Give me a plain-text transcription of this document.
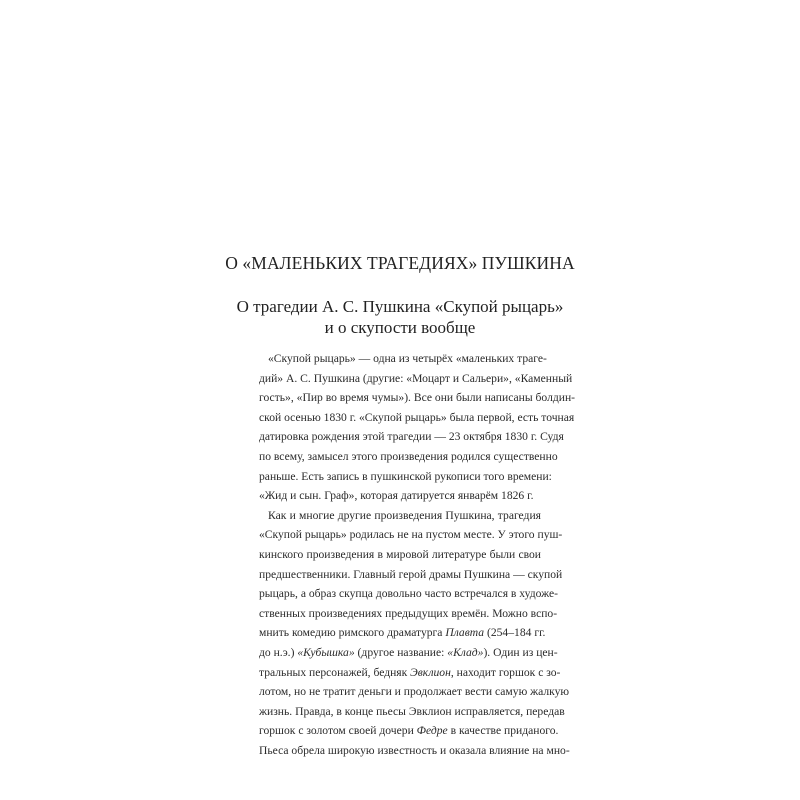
О «МАЛЕНЬКИХ ТРАГЕДИЯХ» ПУШКИНА
О трагедии А. С. Пушкина «Скупой рыцарь»
и о скупости вообще
«Скупой рыцарь» — одна из четырёх «маленьких траге-
дий» А. С. Пушкина (другие: «Моцарт и Сальери», «Каменный
гость», «Пир во время чумы»). Все они были написаны болдин-
ской осенью 1830 г. «Скупой рыцарь» была первой, есть точная
датировка рождения этой трагедии — 23 октября 1830 г. Судя
по всему, замысел этого произведения родился существенно
раньше. Есть запись в пушкинской рукописи того времени:
«Жид и сын. Граф», которая датируется январём 1826 г.
Как и многие другие произведения Пушкина, трагедия
«Скупой рыцарь» родилась не на пустом месте. У этого пуш-
кинского произведения в мировой литературе были свои
предшественники. Главный герой драмы Пушкина — скупой
рыцарь, а образ скупца довольно часто встречался в художе-
ственных произведениях предыдущих времён. Можно вспо-
мнить комедию римского драматурга Плавта (254–184 гг.
до н.э.) «Кубышка» (другое название: «Клад»). Один из цен-
тральных персонажей, бедняк Эвклион, находит горшок с зо-
лотом, но не тратит деньги и продолжает вести самую жалкую
жизнь. Правда, в конце пьесы Эвклион исправляется, передав
горшок с золотом своей дочери Федре в качестве приданого.
Пьеса обрела широкую известность и оказала влияние на мно-
